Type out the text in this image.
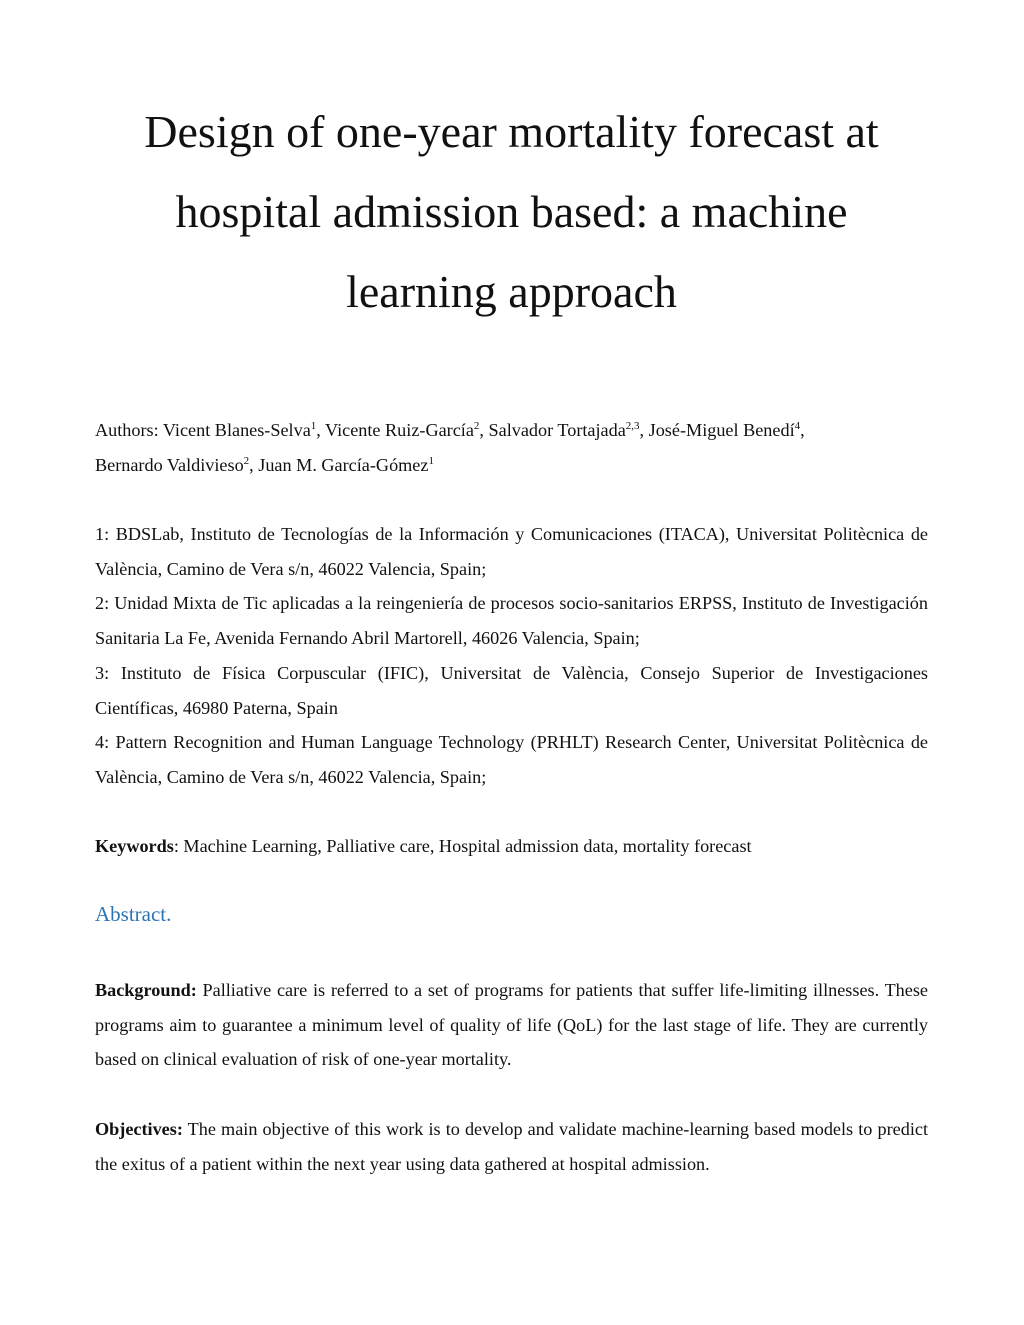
Design of one-year mortality forecast at
hospital admission based: a machine
learning approach
Authors: Vicent Blanes-Selva$^1$, Vicente Ruiz-García$^2$, Salvador Tortajada$^{2,3}$, José-Miguel Benedí$^4$,
Bernardo Valdivieso$^2$, Juan M. García-Gómez$^1$

1: BDSLab, Instituto de Tecnologías de la Información y Comunicaciones (ITACA), Universitat Politècnica de València, Camino de Vera s/n, 46022 Valencia, Spain;

2: Unidad Mixta de Tic aplicadas a la reingeniería de procesos socio-sanitarios ERPSS, Instituto de Investigación Sanitaria La Fe, Avenida Fernando Abril Martorell, 46026 Valencia, Spain;

3: Instituto de Física Corpuscular (IFIC), Universitat de València, Consejo Superior de Investigaciones Científicas, 46980 Paterna, Spain

4: Pattern Recognition and Human Language Technology (PRHLT) Research Center, Universitat Politècnica de València, Camino de Vera s/n, 46022 Valencia, Spain;

Keywords: Machine Learning, Palliative care, Hospital admission data, mortality forecast
Abstract.
Background: Palliative care is referred to a set of programs for patients that suffer life-limiting illnesses. These programs aim to guarantee a minimum level of quality of life (QoL) for the last stage of life. They are currently based on clinical evaluation of risk of one-year mortality.
Objectives: The main objective of this work is to develop and validate machine-learning based models to predict the exitus of a patient within the next year using data gathered at hospital admission.
